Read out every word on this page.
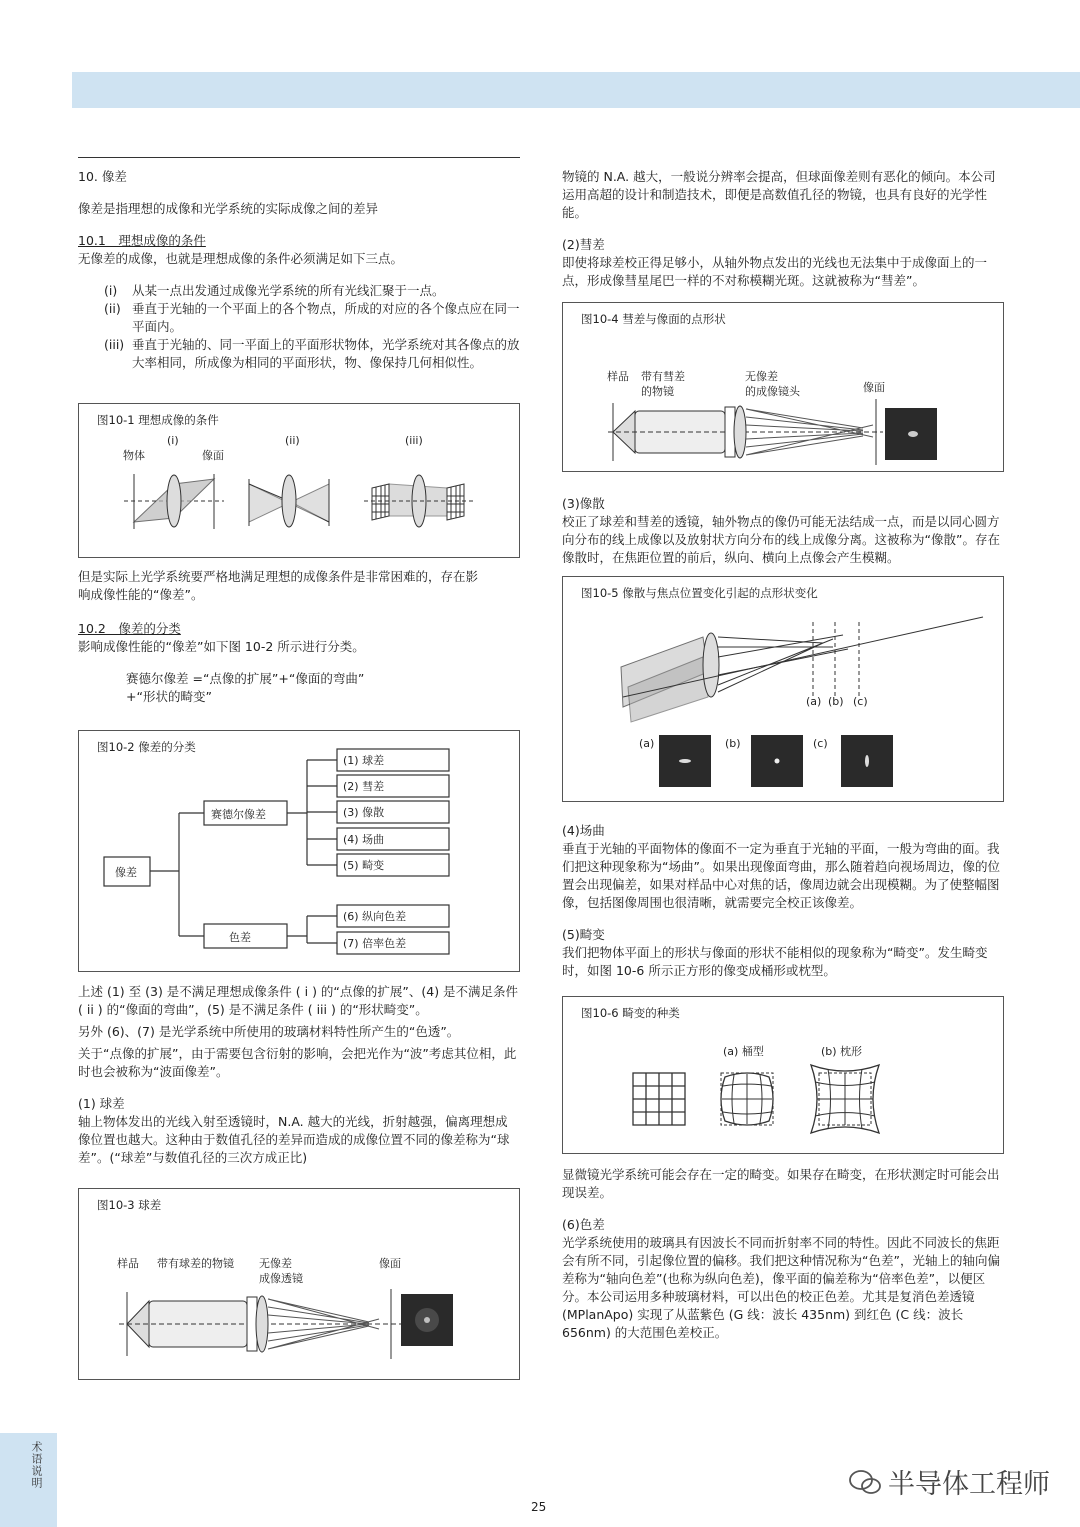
10. 像差

像差是指理想的成像和光学系统的实际成像之间的差异

10.1　理想成像的条件

无像差的成像，也就是理想成像的条件必须满足如下三点。

(i)	从某一点出发通过成像光学系统的所有光线汇聚于一点。
(ii) 垂直于光轴的一个平面上的各个物点，所成的对应的各个像点应在同一平面内。
(iii) 垂直于光轴的、同一平面上的平面形状物体，光学系统对其各像点的放大率相同，所成像为相同的平面形状，物、像保持几何相似性。
图10-1 理想成像的条件
(i)	(ii)	(iii)
物体	像面

但是实际上光学系统要严格地满足理想的成像条件是非常困难的，存在影响成像性能的“像差”。

10.2　像差的分类

影响成像性能的“像差”如下图 10-2 所示进行分类。

赛德尔像差 =“点像的扩展”+“像面的弯曲”

+“形状的畸变”

图10-2 像差的分类
像差
赛德尔像差
色差
(1) 球差
(2) 彗差
(3) 像散
(4) 场曲
(5) 畸变
(6) 纵向色差
(7) 倍率色差

上述 (1) 至 (3) 是不满足理想成像条件 ( i ) 的“点像的扩展”、(4) 是不满足条件 ( ii ) 的“像面的弯曲”，(5) 是不满足条件 ( iii ) 的“形状畸变”。

另外 (6)、(7) 是光学系统中所使用的玻璃材料特性所产生的“色透”。

关于“点像的扩展”，由于需要包含衍射的影响，会把光作为“波”考虑其位相，此时也会被称为“波面像差”。

(1) 球差

轴上物体发出的光线入射至透镜时，N.A. 越大的光线，折射越强，偏离理想成像位置也越大。这种由于数值孔径的差异而造成的成像位置不同的像差称为“球差”。(“球差”与数值孔径的三次方成正比)

图10-3 球差
样品 带有球差的物镜 无像差
成像透镜
像面

物镜的 N.A. 越大，一般说分辨率会提高，但球面像差则有恶化的倾向。本公司运用高超的设计和制造技术，即便是高数值孔径的物镜，也具有良好的光学性能。

(2)彗差

即使将球差校正得足够小，从轴外物点发出的光线也无法集中于成像面上的一点，形成像彗星尾巴一样的不对称模糊光斑。这就被称为“彗差”。

图10-4 彗差与像面的点形状
样品 带有彗差
的物镜
无像差
的成像镜头	像面

(3)像散

校正了球差和彗差的透镜，轴外物点的像仍可能无法结成一点，而是以同心圆方向分布的线上成像以及放射状方向分布的线上成像分离。这被称为“像散”。存在像散时，在焦距位置的前后，纵向、横向上点像会产生模糊。

图10-5 像散与焦点位置变化引起的点形状变化
(a) (b) (c)
(a)	(b)	(c)

(4)场曲

垂直于光轴的平面物体的像面不一定为垂直于光轴的平面，一般为弯曲的面。我们把这种现象称为“场曲”。如果出现像面弯曲，那么随着趋向视场周边，像的位置会出现偏差，如果对样品中心对焦的话，像周边就会出现模糊。为了使整幅图像，包括图像周围也很清晰，就需要完全校正该像差。

(5)畸变

我们把物体平面上的形状与像面的形状不能相似的现象称为“畸变”。发生畸变时，如图 10-6 所示正方形的像变成桶形或枕型。

图10-6 畸变的种类
(a) 桶型	(b) 枕形

显微镜光学系统可能会存在一定的畸变。如果存在畸变，在形状测定时可能会出现误差。

(6)色差

光学系统使用的玻璃具有因波长不同而折射率不同的特性。因此不同波长的焦距会有所不同，引起像位置的偏移。我们把这种情况称为“色差”，光轴上的轴向偏差称为“轴向色差”(也称为纵向色差)，像平面的偏差称为“倍率色差”，以便区分。本公司运用多种玻璃材料，可以出色的校正色差。尤其是复消色差透镜 (MPlanApo) 实现了从蓝紫色 (G 线：波长 435nm) 到红色 (C 线：波长 656nm) 的大范围色差校正。

术语说明
25
半导体工程师
